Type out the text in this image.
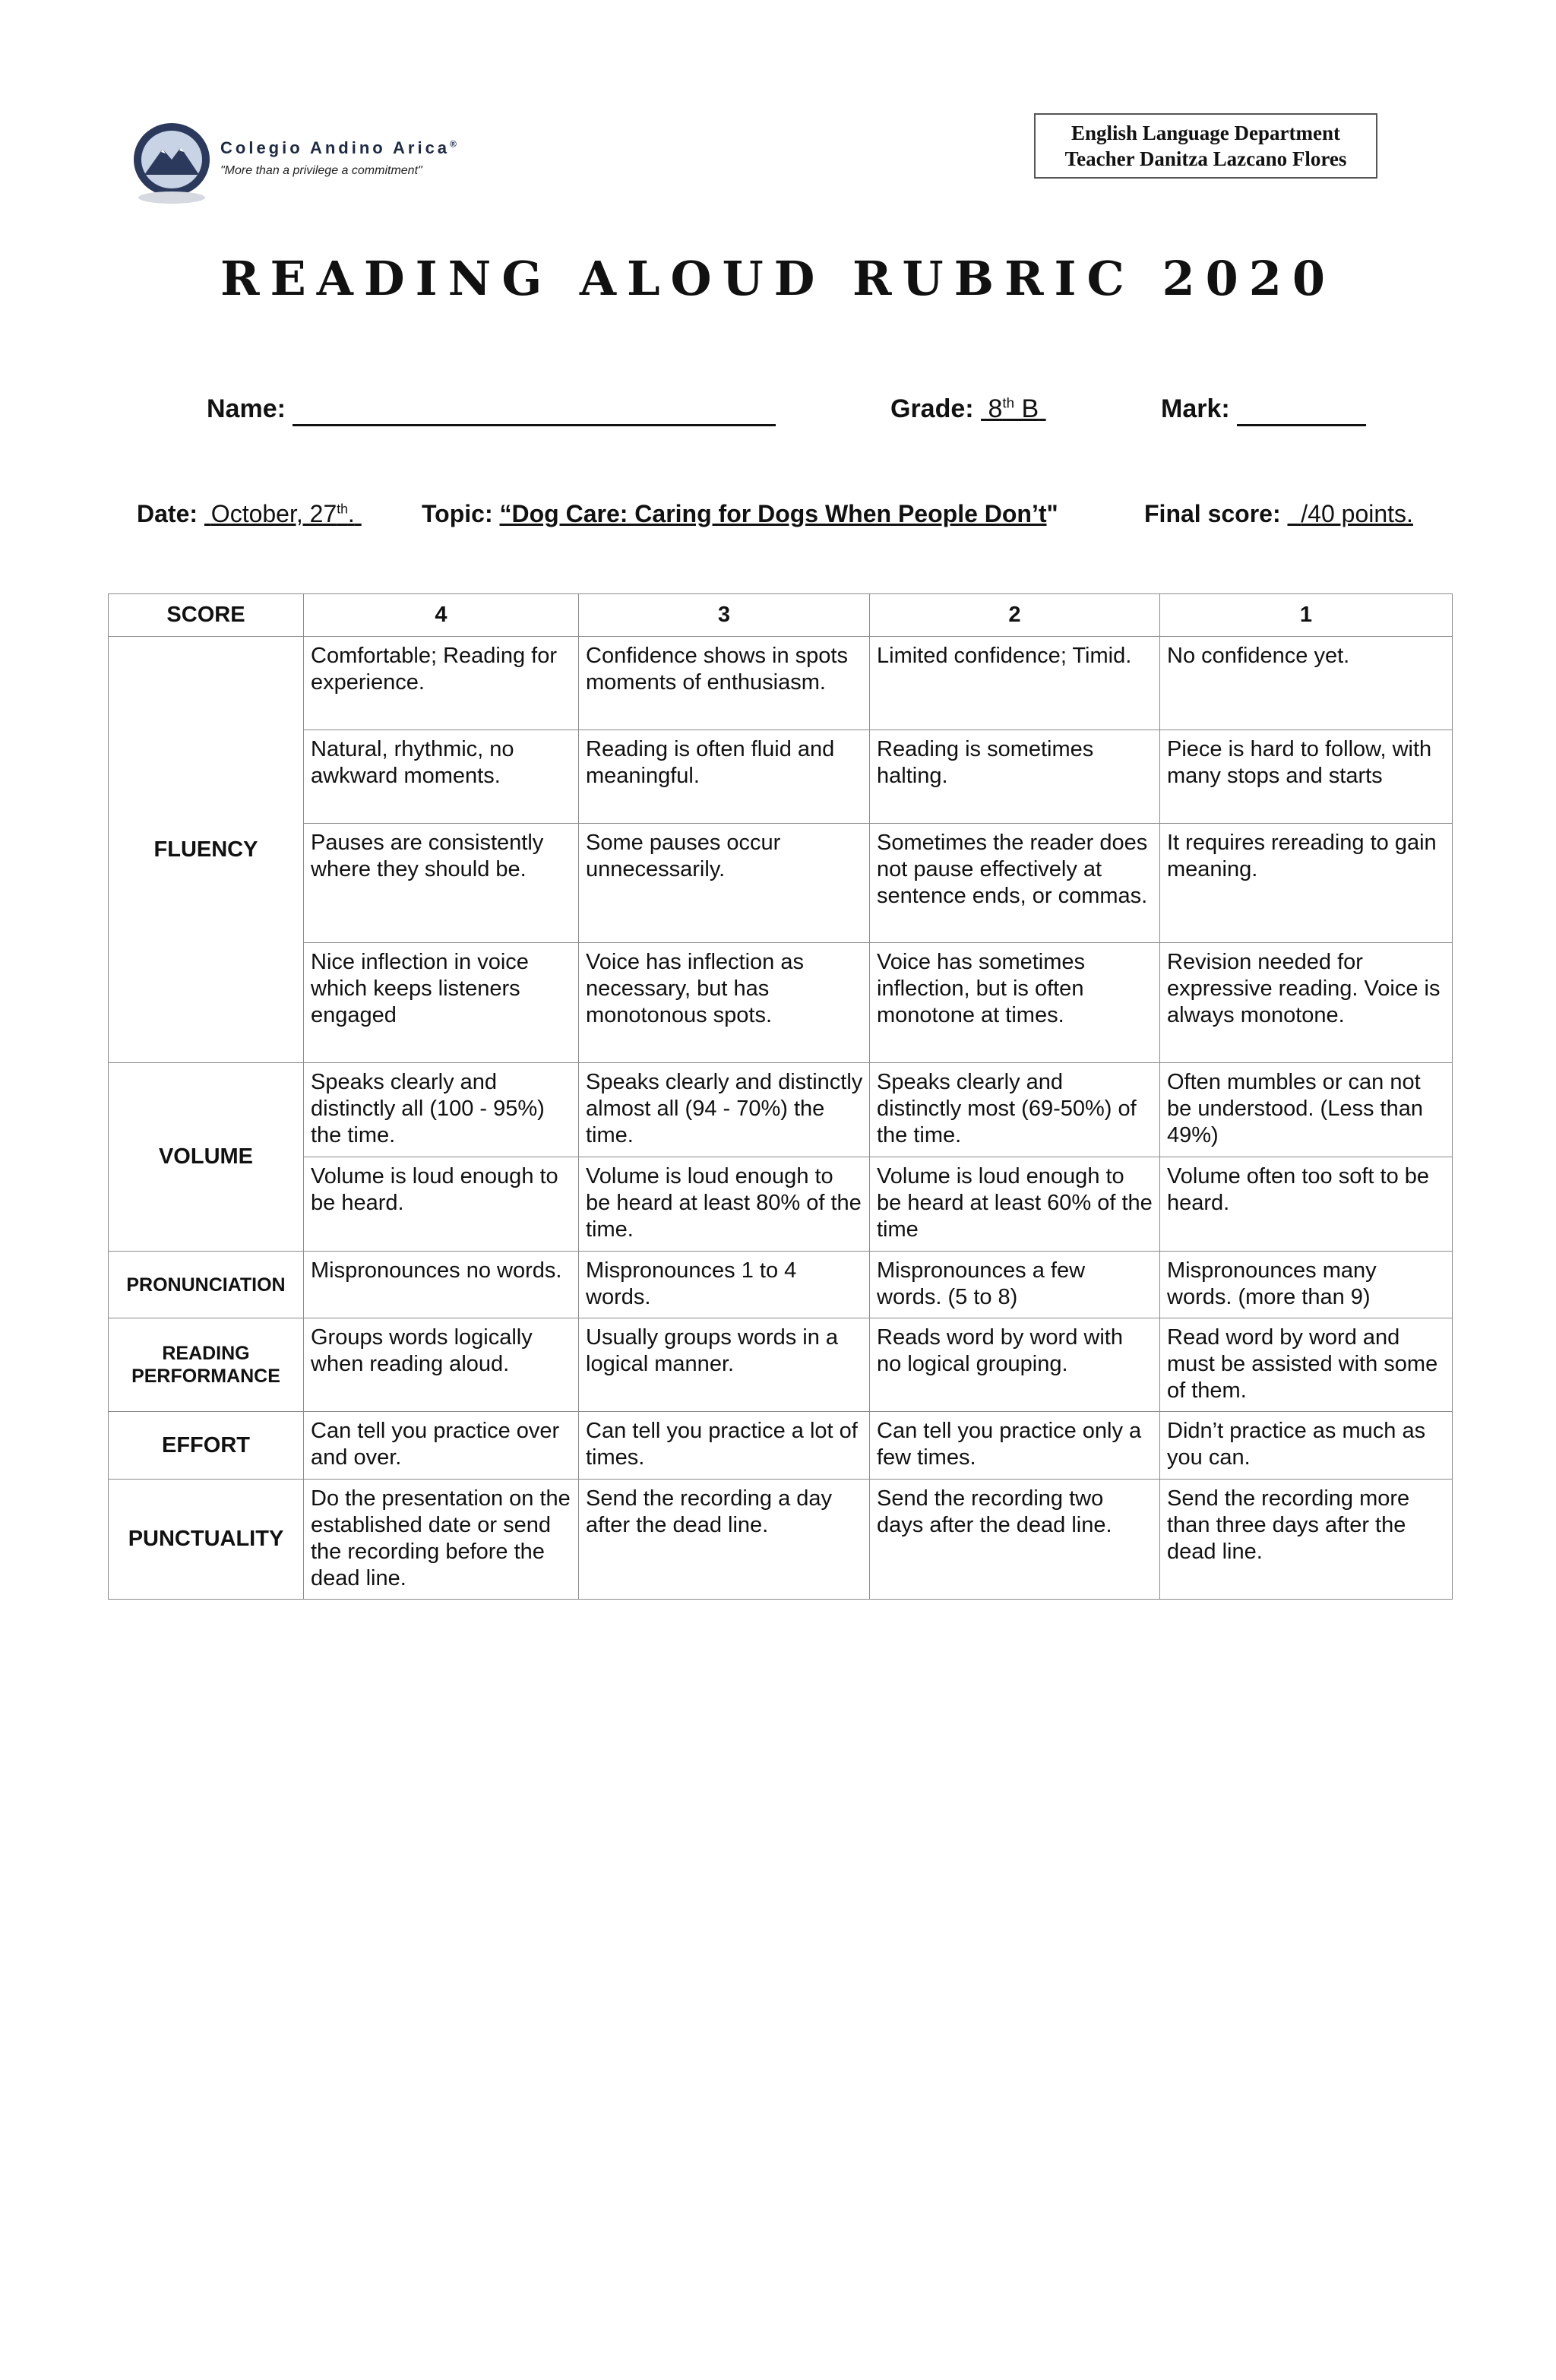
Colegio Andino Arica®
"More than a privilege a commitment"
English Language Department
Teacher Danitza Lazcano Flores
READING ALOUD RUBRIC 2020
Name:	Grade: 8th B	Mark:
Date: October, 27th.	Topic: “Dog Care: Caring for Dogs When People Don’t"	Final score: /40 points.
SCORE	4	3	2	1
FLUENCY	Comfortable; Reading for experience.	Confidence shows in spots moments of enthusiasm.	Limited confidence; Timid.	No confidence yet.
	Natural, rhythmic, no awkward moments.	Reading is often fluid and meaningful.	Reading is sometimes halting.	Piece is hard to follow, with many stops and starts
	Pauses are consistently where they should be.	Some pauses occur unnecessarily.	Sometimes the reader does not pause effectively at sentence ends, or commas.	It requires rereading to gain meaning.
	Nice inflection in voice which keeps listeners engaged	Voice has inflection as necessary, but has monotonous spots.	Voice has sometimes inflection, but is often monotone at times.	Revision needed for expressive reading. Voice is always monotone.
VOLUME	Speaks clearly and distinctly all (100 - 95%) the time.	Speaks clearly and distinctly almost all (94 - 70%) the time.	Speaks clearly and distinctly most (69-50%) of the time.	Often mumbles or can not be understood. (Less than 49%)
	Volume is loud enough to be heard.	Volume is loud enough to be heard at least 80% of the time.	Volume is loud enough to be heard at least 60% of the time	Volume often too soft to be heard.
PRONUNCIATION	Mispronounces no words.	Mispronounces 1 to 4 words.	Mispronounces a few words. (5 to 8)	Mispronounces many words. (more than 9)

READING
PERFORMANCE	Groups words logically when reading aloud.	Usually groups words in a logical manner.	Reads word by word with no logical grouping.	Read word by word and must be assisted with some of them.
EFFORT	Can tell you practice over and over.	Can tell you practice a lot of times.	Can tell you practice only a few times.	Didn’t practice as much as you can.
PUNCTUALITY	Do the presentation on the established date or send the recording before the dead line.	Send the recording a day after the dead line.	Send the recording two days after the dead line.	Send the recording more than three days after the dead line.
